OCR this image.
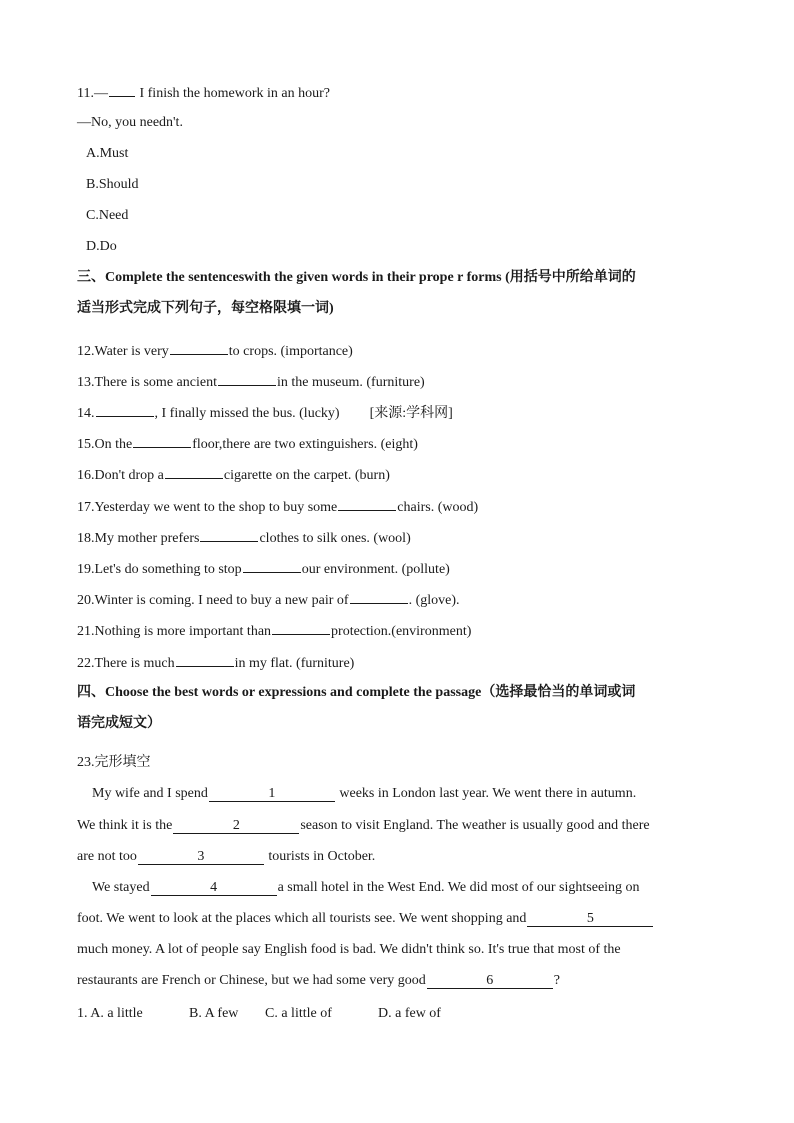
11.— I finish the homework in an hour?
—No, you needn't.
A.Must
B.Should
C.Need
D.Do
三、Complete the sentenceswith the given words in their prope r forms (用括号中所给单词的
适当形式完成下列句子，每空格限填一词)
12.Water is very	to crops. (importance)
13.There is some ancient	in the museum. (furniture)
14.	, I finally missed the bus. (lucky) [来源:学科网]
15.On the	floor,there are two extinguishers. (eight)
16.Don't drop a	cigarette on the carpet. (burn)
17.Yesterday we went to the shop to buy some	chairs. (wood)
18.My mother prefers	clothes to silk ones. (wool)
19.Let's do something to stop	our environment. (pollute)
20.Winter is coming. I need to buy a new pair of	. (glove).
21.Nothing is more important than	protection.(environment)
22.There is much	in my flat. (furniture)
四、Choose the best words or expressions and complete the passage（选择最恰当的单词或词
语完成短文）
23.完形填空
My wife and I spend	1	weeks in London last year. We went there in autumn.
We think it is the	2	season to visit England. The weather is usually good and there
are not too	3	tourists in October.
We stayed	4	a small hotel in the West End. We did most of our sightseeing on
foot. We went to look at the places which all tourists see. We went shopping and	5
much money. A lot of people say English food is bad. We didn't think so. It's true that most of the
restaurants are French or Chinese, but we had some very good	6	?
1. A. a little	B. A few C. a little of	D. a few of
